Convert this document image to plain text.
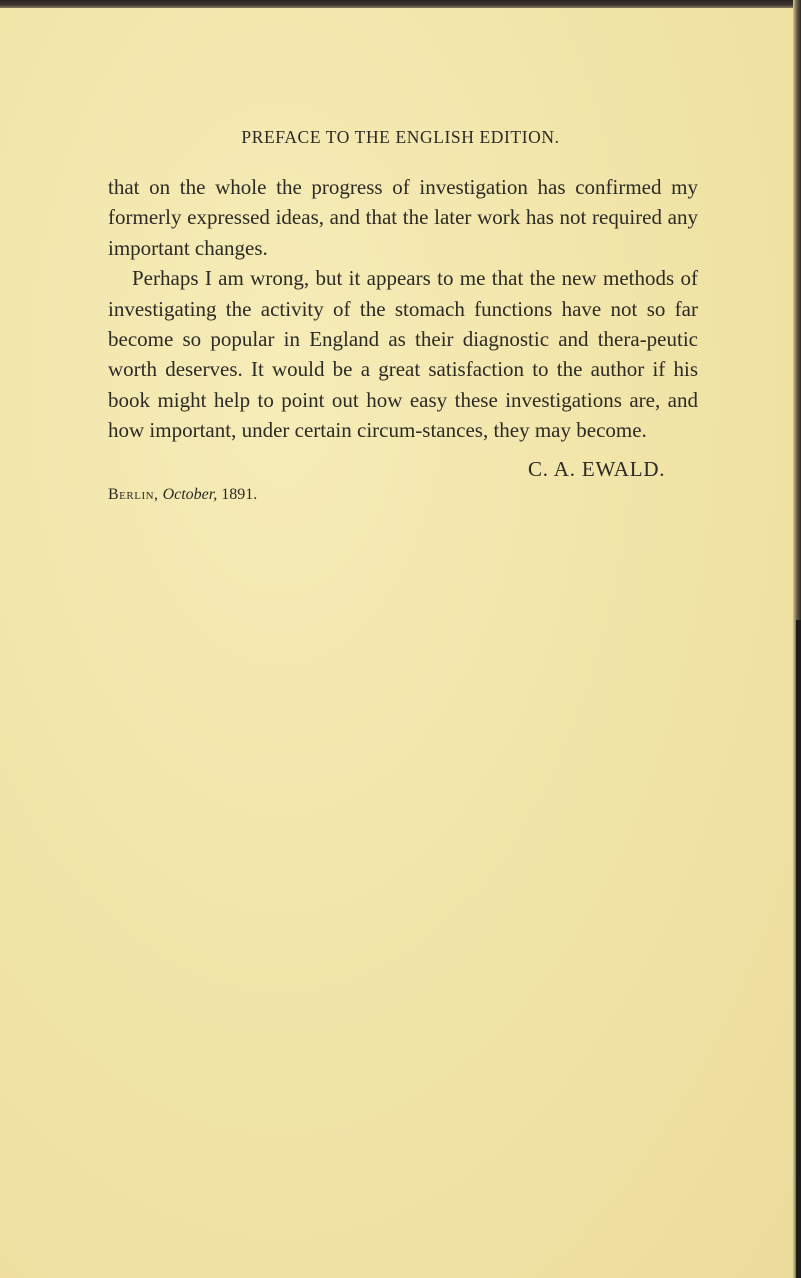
PREFACE TO THE ENGLISH EDITION.

that on the whole the progress of investigation has confirmed my formerly expressed ideas, and that the later work has not required any important changes.

Perhaps I am wrong, but it appears to me that the new methods of investigating the activity of the stomach functions have not so far become so popular in England as their diagnostic and thera-peutic worth deserves. It would be a great satisfaction to the author if his book might help to point out how easy these investigations are, and how important, under certain circum-stances, they may become.

C. A. EWALD.
Berlin, October, 1891.
